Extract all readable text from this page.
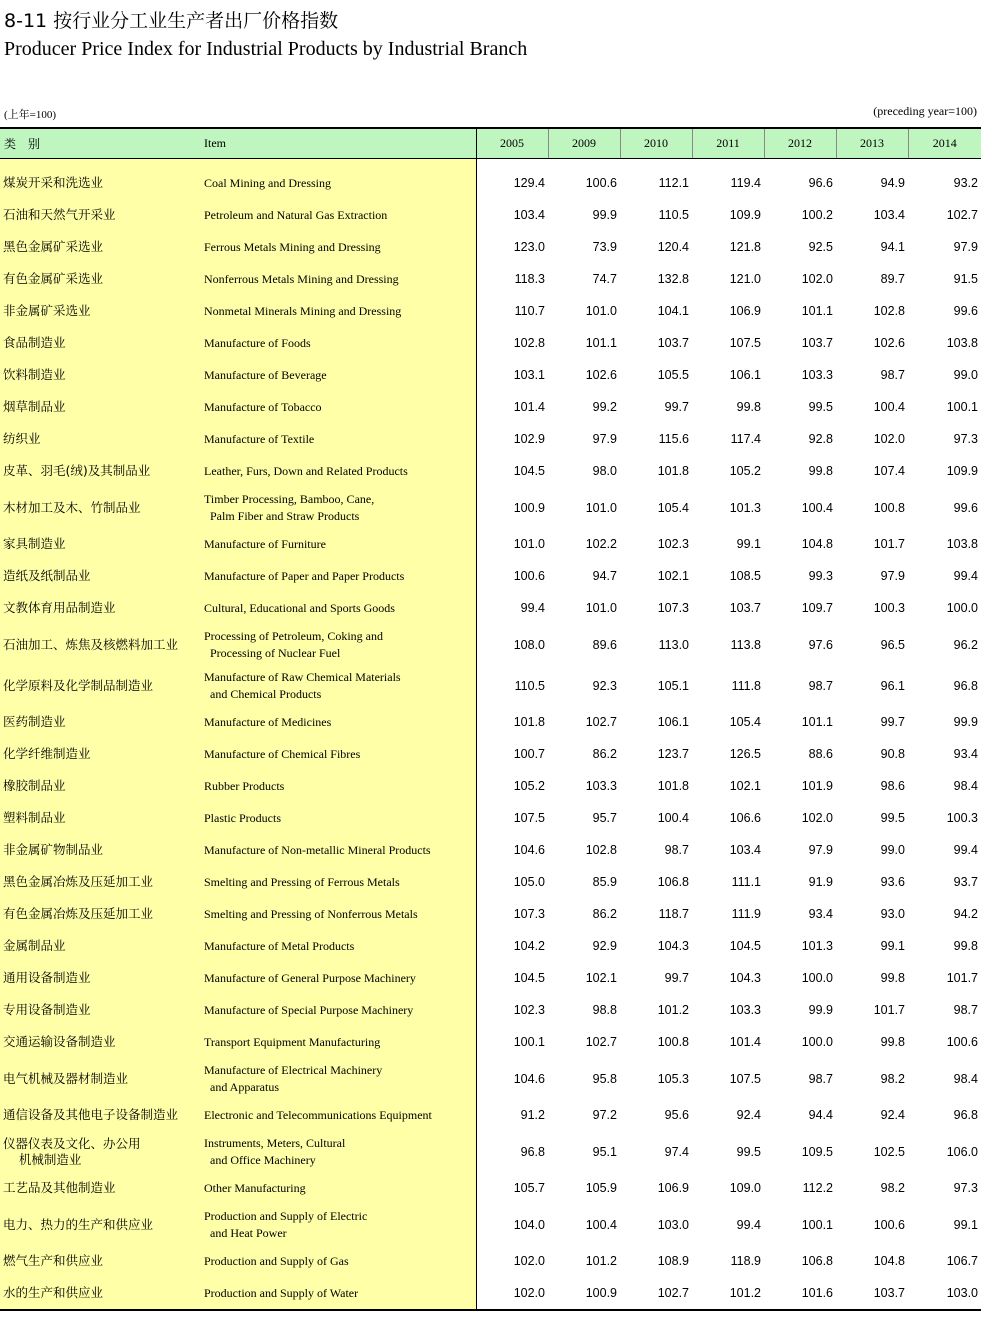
8-11 按行业分工业生产者出厂价格指数
Producer Price Index for Industrial Products by Industrial Branch
(上年=100)	(preceding year=100)
类　别	Item	2005	2009	2010	2011	2012	2013	2014
煤炭开采和洗选业	Coal Mining and Dressing	129.4	100.6	112.1	119.4	96.6	94.9	93.2
石油和天然气开采业	Petroleum and Natural Gas Extraction	103.4	99.9	110.5	109.9	100.2	103.4	102.7
黑色金属矿采选业	Ferrous Metals Mining and Dressing	123.0	73.9	120.4	121.8	92.5	94.1	97.9
有色金属矿采选业	Nonferrous Metals Mining and Dressing	118.3	74.7	132.8	121.0	102.0	89.7	91.5
非金属矿采选业	Nonmetal Minerals Mining and Dressing	110.7	101.0	104.1	106.9	101.1	102.8	99.6
食品制造业	Manufacture of Foods	102.8	101.1	103.7	107.5	103.7	102.6	103.8
饮料制造业	Manufacture of Beverage	103.1	102.6	105.5	106.1	103.3	98.7	99.0
烟草制品业	Manufacture of Tobacco	101.4	99.2	99.7	99.8	99.5	100.4	100.1
纺织业	Manufacture of Textile	102.9	97.9	115.6	117.4	92.8	102.0	97.3
皮革、羽毛(绒)及其制品业	Leather, Furs, Down and Related Products	104.5	98.0	101.8	105.2	99.8	107.4	109.9
木材加工及木、竹制品业	Timber Processing, Bamboo, Cane,
Palm Fiber and Straw Products	100.9	101.0	105.4	101.3	100.4	100.8	99.6
家具制造业	Manufacture of Furniture	101.0	102.2	102.3	99.1	104.8	101.7	103.8
造纸及纸制品业	Manufacture of Paper and Paper Products	100.6	94.7	102.1	108.5	99.3	97.9	99.4
文教体育用品制造业	Cultural, Educational and Sports Goods	99.4	101.0	107.3	103.7	109.7	100.3	100.0
石油加工、炼焦及核燃料加工业	Processing of Petroleum, Coking and
Processing of Nuclear Fuel	108.0	89.6	113.0	113.8	97.6	96.5	96.2
化学原料及化学制品制造业	Manufacture of Raw Chemical Materials
and Chemical Products	110.5	92.3	105.1	111.8	98.7	96.1	96.8
医药制造业	Manufacture of Medicines	101.8	102.7	106.1	105.4	101.1	99.7	99.9
化学纤维制造业	Manufacture of Chemical Fibres	100.7	86.2	123.7	126.5	88.6	90.8	93.4
橡胶制品业	Rubber Products	105.2	103.3	101.8	102.1	101.9	98.6	98.4
塑料制品业	Plastic Products	107.5	95.7	100.4	106.6	102.0	99.5	100.3
非金属矿物制品业	Manufacture of Non-metallic Mineral Products	104.6	102.8	98.7	103.4	97.9	99.0	99.4
黑色金属冶炼及压延加工业	Smelting and Pressing of Ferrous Metals	105.0	85.9	106.8	111.1	91.9	93.6	93.7
有色金属冶炼及压延加工业	Smelting and Pressing of Nonferrous Metals	107.3	86.2	118.7	111.9	93.4	93.0	94.2
金属制品业	Manufacture of Metal Products	104.2	92.9	104.3	104.5	101.3	99.1	99.8
通用设备制造业	Manufacture of General Purpose Machinery	104.5	102.1	99.7	104.3	100.0	99.8	101.7
专用设备制造业	Manufacture of Special Purpose Machinery	102.3	98.8	101.2	103.3	99.9	101.7	98.7
交通运输设备制造业	Transport Equipment Manufacturing	100.1	102.7	100.8	101.4	100.0	99.8	100.6
电气机械及器材制造业	Manufacture of Electrical Machinery
and Apparatus	104.6	95.8	105.3	107.5	98.7	98.2	98.4
通信设备及其他电子设备制造业	Electronic and Telecommunications Equipment	91.2	97.2	95.6	92.4	94.4	92.4	96.8
仪器仪表及文化、办公用
机械制造业	Instruments, Meters, Cultural
and Office Machinery	96.8	95.1	97.4	99.5	109.5	102.5	106.0
工艺品及其他制造业	Other Manufacturing	105.7	105.9	106.9	109.0	112.2	98.2	97.3
电力、热力的生产和供应业	Production and Supply of Electric
and Heat Power	104.0	100.4	103.0	99.4	100.1	100.6	99.1
燃气生产和供应业	Production and Supply of Gas	102.0	101.2	108.9	118.9	106.8	104.8	106.7
水的生产和供应业	Production and Supply of Water	102.0	100.9	102.7	101.2	101.6	103.7	103.0
